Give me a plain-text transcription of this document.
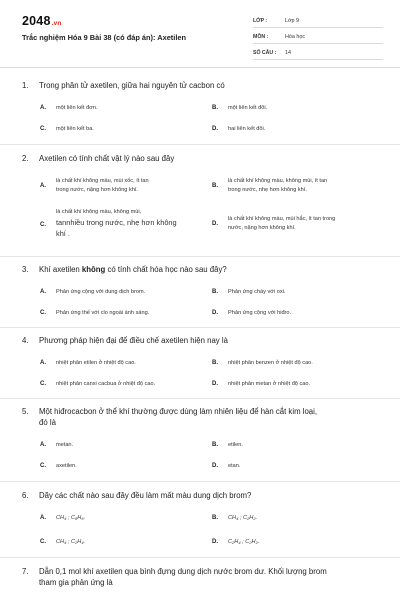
2048.vn
Trắc nghiệm Hóa 9 Bài 38 (có đáp án): Axetilen
LỚP :	Lớp 9
MÔN :	Hóa học
SỐ CÂU :	14
1. Trong phân tử axetilen, giữa hai nguyên tử cacbon có
A. một liên kết đơn.	B. một liên kết đôi.
C. một liên kết ba.	D. hai liên kết đôi.
2. Axetilen có tính chất vật lý nào sau đây
A.
là chất khí không màu, mùi xốc, ít tan
trong nước, nặng hơn không khí.
B.
là chất khí không màu, không mùi, ít tan
trong nước, nhẹ hơn không khí.
C.
là chất khí không màu, không mùi,
tannhiều trong nước, nhẹ hơn không
khí .
D.
là chất khí không màu, mùi hắc, ít tan trong
nước, nặng hơn không khí.
3. Khí axetilen không có tính chất hóa học nào sau đây?
A. Phản ứng cộng với dung dịch brom.	B. Phản ứng cháy với oxi.
C. Phản ứng thế với clo ngoài ánh sáng.	D. Phản ứng cộng với hiđro.
4. Phương pháp hiện đại để điều chế axetilen hiện nay là
A. nhiệt phân etilen ở nhiệt độ cao.	B. nhiệt phân benzen ở nhiệt độ cao.
C. nhiệt phân canxi cacbua ở nhiệt độ cao.	D. nhiệt phân metan ở nhiệt độ cao.
5. Một hiđrocacbon ở thể khí thường được dùng làm nhiên liệu để hàn cắt kim loại,
đó là
A. metan.	B. etilen.
C. axetilen.	D. etan.
6. Dãy các chất nào sau đây đều làm mất màu dung dịch brom?
A. $CH_4$ ; $C_6H_6$.	B. $CH_4$ ; $C_2H_2$.
C. $CH_4$ ; $C_2H_4$.	D. $C_2H_4$ ; $C_2H_2$.
7. Dẫn 0,1 mol khí axetilen qua bình đựng dung dịch nước brom dư. Khối lượng brom
tham gia phản ứng là
